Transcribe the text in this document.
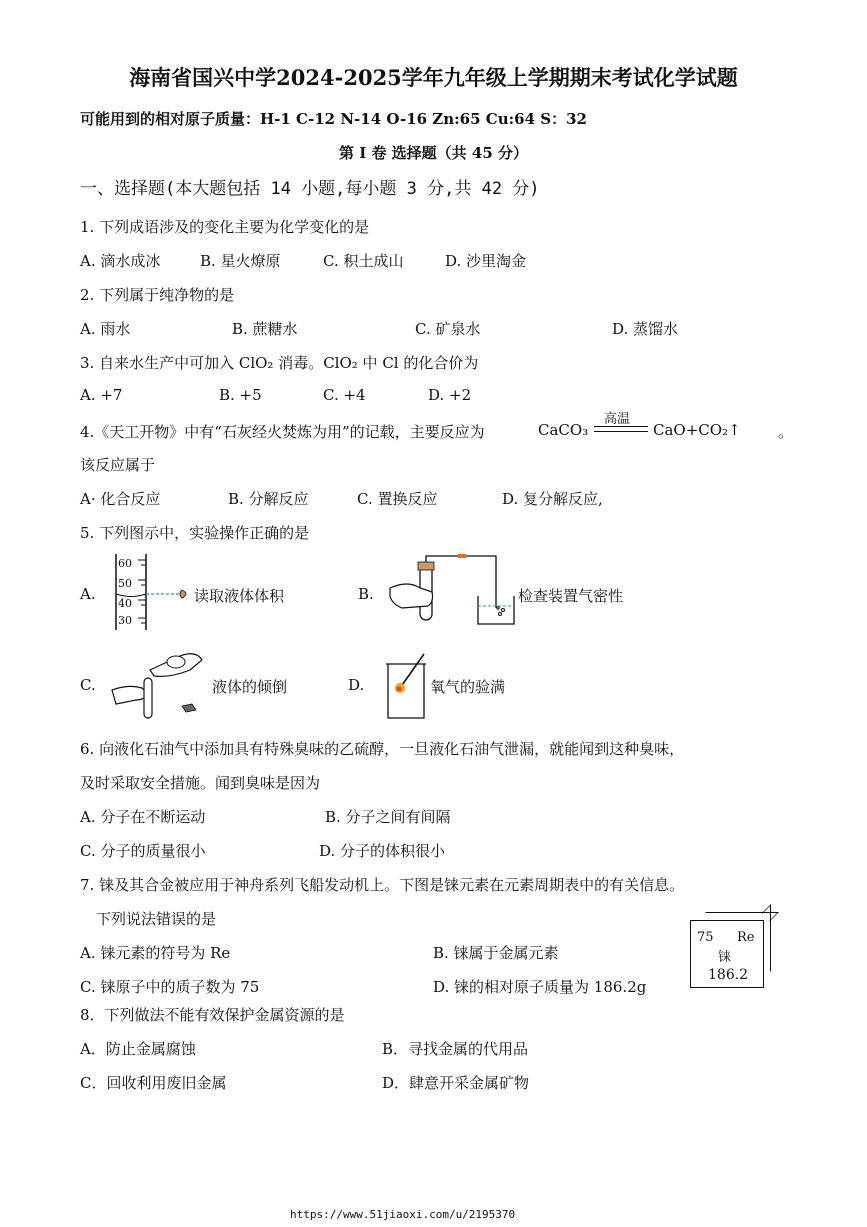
海南省国兴中学2024-2025学年九年级上学期期末考试化学试题
可能用到的相对原子质量：H-1 C-12 N-14 O-16 Zn:65 Cu:64 S：32
第 I 卷 选择题（共 45 分）
一、选择题(本大题包括 14 小题,每小题 3 分,共 42 分)
1. 下列成语涉及的变化主要为化学变化的是
A. 滴水成冰	B. 星火燎原	C. 积土成山	D. 沙里淘金
2. 下列属于纯净物的是
A. 雨水	B. 蔗糖水	C. 矿泉水	D. 蒸馏水
3. 自来水生产中可加入 ClO₂ 消毒。ClO₂ 中 Cl 的化合价为
A. +7	B. +5	C. +4	D. +2
4.《天工开物》中有“石灰经火焚炼为用”的记载，主要反应为	CaCO₃
高温
CaO+CO₂↑ 。
该反应属于
A· 化合反应	B. 分解反应	C. 置换反应	D. 复分解反应,
5. 下列图示中，实验操作正确的是
A.
60
50
40
30
读取液体体积	B.	检查装置气密性
C.	液体的倾倒	D.	氧气的验满
6. 向液化石油气中添加具有特殊臭味的乙硫醇，一旦液化石油气泄漏，就能闻到这种臭味，
及时采取安全措施。闻到臭味是因为
A. 分子在不断运动	B. 分子之间有间隔
C. 分子的质量很小	D. 分子的体积很小
7. 铼及其合金被应用于神舟系列飞船发动机上。下图是铼元素在元素周期表中的有关信息。
下列说法错误的是
A. 铼元素的符号为 Re	B. 铼属于金属元素
C. 铼原子中的质子数为 75	D. 铼的相对原子质量为 186.2g
75 Re
铼
186.2
8．下列做法不能有效保护金属资源的是
A．防止金属腐蚀	B．寻找金属的代用品
C．回收利用废旧金属	D．肆意开采金属矿物
https://www.51jiaoxi.com/u/2195370
